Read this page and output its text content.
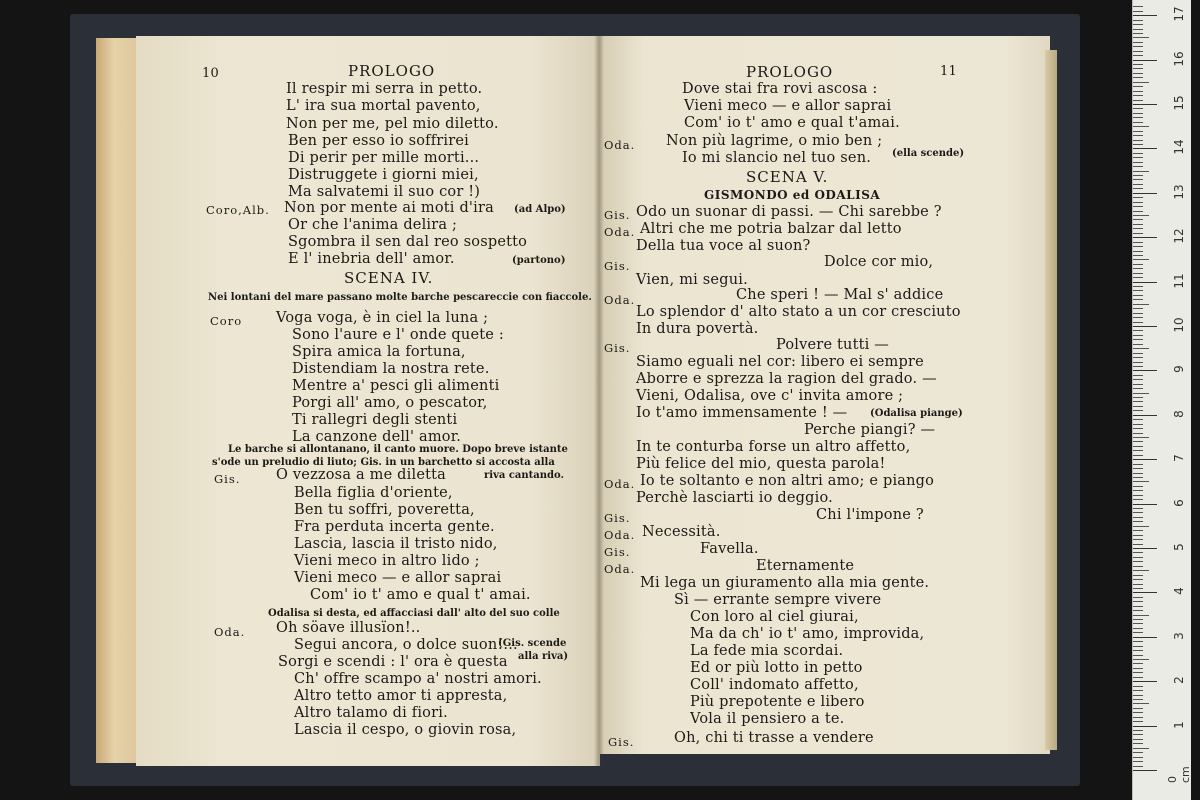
10	PROLOGO
Il respir mi serra in petto.
L' ira sua mortal pavento,
Non per me, pel mio diletto.
Ben per esso io soffrirei
Di perir per mille morti...
Distruggete i giorni miei,
Ma salvatemi il suo cor !)
Coro,Alb. Non por mente ai moti d'ira (ad Alpo)
Or che l'anima delira ;
Sgombra il sen dal reo sospetto
E l' inebria dell' amor.	(partono)
SCENA IV.
Nei lontani del mare passano molte barche pescareccie con fiaccole.
Coro Voga voga, è in ciel la luna ;
Sono l'aure e l' onde quete :
Spira amica la fortuna,
Distendiam la nostra rete.
Mentre a' pesci gli alimenti
Porgi all' amo, o pescator,
Ti rallegri degli stenti
La canzone dell' amor.
Le barche si allontanano, il canto muore. Dopo breve istante
s'ode un preludio di liuto; Gis. in un barchetto si accosta alla
Gis. O vezzosa a me diletta	riva cantando.
Bella figlia d'oriente,
Ben tu soffri, poveretta,
Fra perduta incerta gente.
Lascia, lascia il tristo nido,
Vieni meco in altro lido ;
Vieni meco — e allor saprai
Com' io t' amo e qual t' amai.
Odalisa si desta, ed affacciasi dall' alto del suo colle
Oda. Oh söave illusïon!..
Segui ancora, o dolce suon!...
(Gis. scende
alla riva)
Sorgi e scendi : l' ora è questa
Ch' offre scampo a' nostri amori.
Altro tetto amor ti appresta,
Altro talamo di fiori.
Lascia il cespo, o giovin rosa,
PROLOGO	11
Dove stai fra rovi ascosa :
Vieni meco — e allor saprai
Com' io t' amo e qual t'amai.
Oda. Non più lagrime, o mio ben ;
Io mi slancio nel tuo sen. (ella scende)
SCENA V.
GISMONDO ed ODALISA
Gis. Odo un suonar di passi. — Chi sarebbe ?
Oda. Altri che me potria balzar dal letto
Della tua voce al suon?
Gis.	Dolce cor mio,
Vien, mi segui.
Oda.	Che speri ! — Mal s' addice
Lo splendor d' alto stato a un cor cresciuto
In dura povertà.
Gis.	Polvere tutti —
Siamo eguali nel cor: libero ei sempre
Aborre e sprezza la ragion del grado. —
Vieni, Odalisa, ove c' invita amore ;
Io t'amo immensamente ! — (Odalisa piange)
Perche piangi? —
In te conturba forse un altro affetto,
Più felice del mio, questa parola!
Oda. Io te soltanto e non altri amo; e piango
Perchè lasciarti io deggio.
Gis.	Chi l'impone ?
Oda. Necessità.
Gis.	Favella.
Oda.	Eternamente
Mi lega un giuramento alla mia gente.
Sì — errante sempre vivere
Con loro al ciel giurai,
Ma da ch' io t' amo, improvida,
La fede mia scordai.
Ed or più lotto in petto
Coll' indomato affetto,
Più prepotente e libero
Vola il pensiero a te.
Gis.	Oh, chi ti trasse a vendere
0 cm
1
2
3
4
5
6
7
8
9
10
11
12
13
14
15
16
17
